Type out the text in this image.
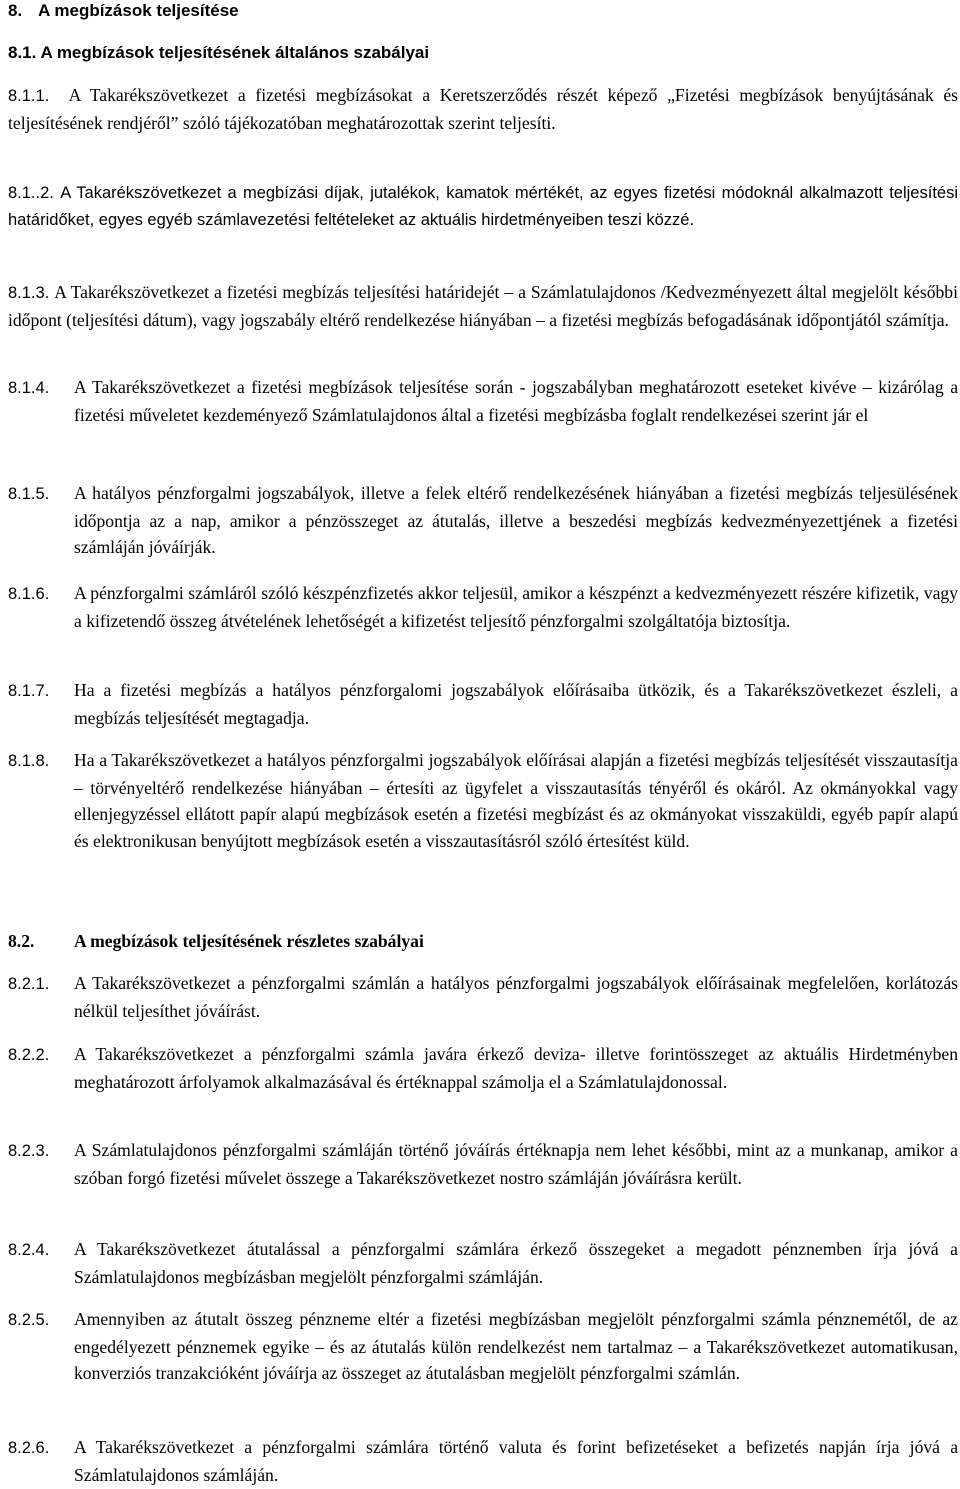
8. A megbízások teljesítése
8.1. A megbízások teljesítésének általános szabályai
8.1.1. A Takarékszövetkezet a fizetési megbízásokat a Keretszerződés részét képező „Fizetési megbízások benyújtásának és teljesítésének rendjéről” szóló tájékozatóban meghatározottak szerint teljesíti.
8.1..2. A Takarékszövetkezet a megbízási díjak, jutalékok, kamatok mértékét, az egyes fizetési módoknál alkalmazott teljesítési határidőket, egyes egyéb számlavezetési feltételeket az aktuális hirdetményeiben teszi közzé.
8.1.3. A Takarékszövetkezet a fizetési megbízás teljesítési határidejét – a Számlatulajdonos /Kedvezményezett által megjelölt későbbi időpont (teljesítési dátum), vagy jogszabály eltérő rendelkezése hiányában – a fizetési megbízás befogadásának időpontjától számítja.
8.1.4. A Takarékszövetkezet a fizetési megbízások teljesítése során - jogszabályban meghatározott eseteket kivéve – kizárólag a fizetési műveletet kezdeményező Számlatulajdonos által a fizetési megbízásba foglalt rendelkezései szerint jár el
8.1.5. A hatályos pénzforgalmi jogszabályok, illetve a felek eltérő rendelkezésének hiányában a fizetési megbízás teljesülésének időpontja az a nap, amikor a pénzösszeget az átutalás, illetve a beszedési megbízás kedvezményezettjének a fizetési számláján jóváírják.
8.1.6. A pénzforgalmi számláról szóló készpénzfizetés akkor teljesül, amikor a készpénzt a kedvezményezett részére kifizetik, vagy a kifizetendő összeg átvételének lehetőségét a kifizetést teljesítő pénzforgalmi szolgáltatója biztosítja.
8.1.7. Ha a fizetési megbízás a hatályos pénzforgalomi jogszabályok előírásaiba ütközik, és a Takarékszövetkezet észleli, a megbízás teljesítését megtagadja.
8.1.8. Ha a Takarékszövetkezet a hatályos pénzforgalmi jogszabályok előírásai alapján a fizetési megbízás teljesítését visszautasítja – törvényeltérő rendelkezése hiányában – értesíti az ügyfelet a visszautasítás tényéről és okáról. Az okmányokkal vagy ellenjegyzéssel ellátott papír alapú megbízások esetén a fizetési megbízást és az okmányokat visszaküldi, egyéb papír alapú és elektronikusan benyújtott megbízások esetén a visszautasításról szóló értesítést küld.
8.2. A megbízások teljesítésének részletes szabályai
8.2.1. A Takarékszövetkezet a pénzforgalmi számlán a hatályos pénzforgalmi jogszabályok előírásainak megfelelően, korlátozás nélkül teljesíthet jóváírást.
8.2.2. A Takarékszövetkezet a pénzforgalmi számla javára érkező deviza- illetve forintösszeget az aktuális Hirdetményben meghatározott árfolyamok alkalmazásával és értéknappal számolja el a Számlatulajdonossal.
8.2.3. A Számlatulajdonos pénzforgalmi számláján történő jóváírás értéknapja nem lehet későbbi, mint az a munkanap, amikor a szóban forgó fizetési művelet összege a Takarékszövetkezet nostro számláján jóváírásra került.
8.2.4. A Takarékszövetkezet átutalással a pénzforgalmi számlára érkező összegeket a megadott pénznemben írja jóvá a Számlatulajdonos megbízásban megjelölt pénzforgalmi számláján.
8.2.5. Amennyiben az átutalt összeg pénzneme eltér a fizetési megbízásban megjelölt pénzforgalmi számla pénznemétől, de az engedélyezett pénznemek egyike – és az átutalás külön rendelkezést nem tartalmaz – a Takarékszövetkezet automatikusan, konverziós tranzakcióként jóváírja az összeget az átutalásban megjelölt pénzforgalmi számlán.
8.2.6. A Takarékszövetkezet a pénzforgalmi számlára történő valuta és forint befizetéseket a befizetés napján írja jóvá a Számlatulajdonos számláján.
